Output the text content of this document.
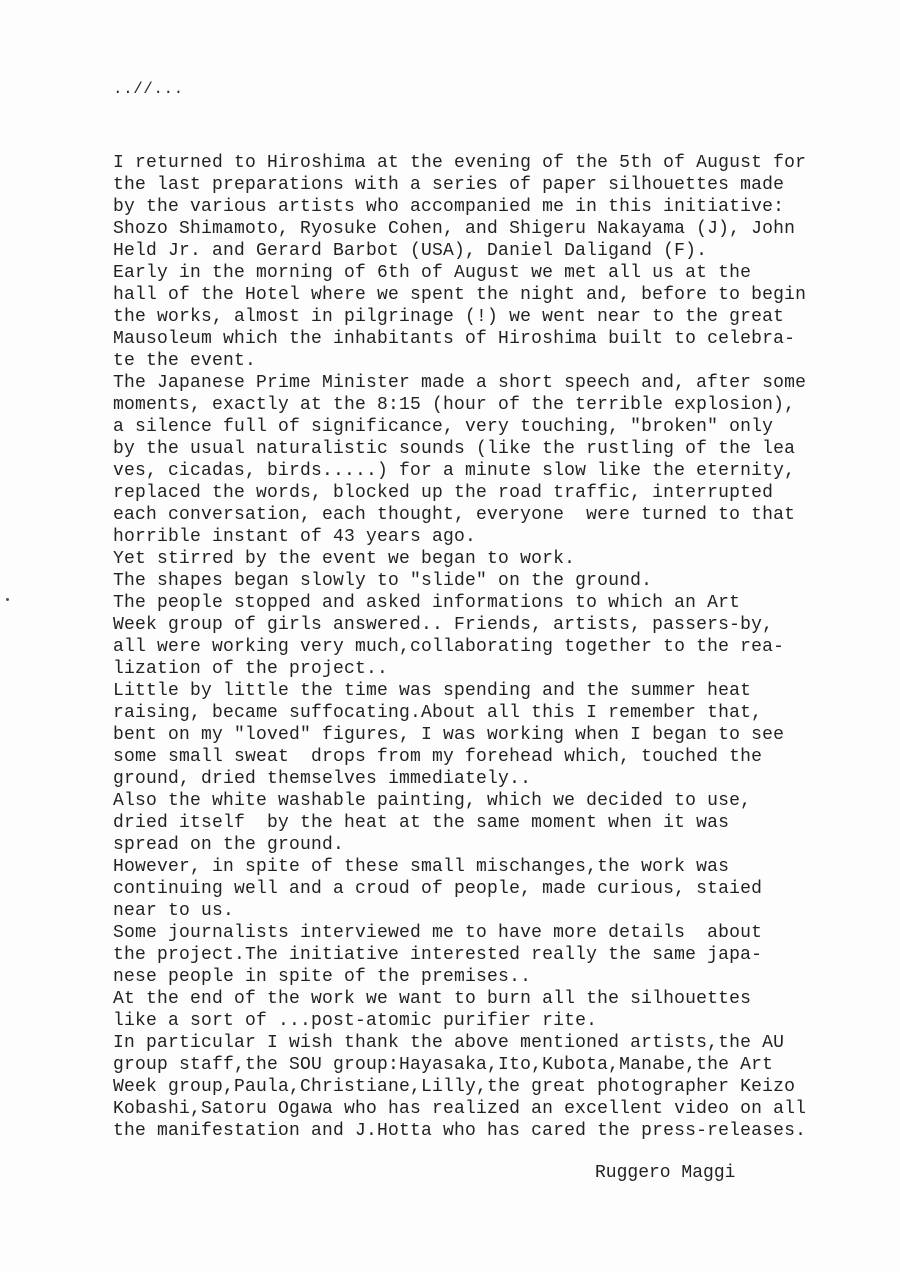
..//...
I returned to Hiroshima at the evening of the 5th of August for
the last preparations with a series of paper silhouettes made
by the various artists who accompanied me in this initiative:
Shozo Shimamoto, Ryosuke Cohen, and Shigeru Nakayama (J), John
Held Jr. and Gerard Barbot (USA), Daniel Daligand (F).
Early in the morning of 6th of August we met all us at the
hall of the Hotel where we spent the night and, before to begin
the works, almost in pilgrinage (!) we went near to the great
Mausoleum which the inhabitants of Hiroshima built to celebra-
te the event.
The Japanese Prime Minister made a short speech and, after some
moments, exactly at the 8:15 (hour of the terrible explosion),
a silence full of significance, very touching, "broken" only
by the usual naturalistic sounds (like the rustling of the lea
ves, cicadas, birds.....) for a minute slow like the eternity,
replaced the words, blocked up the road traffic, interrupted
each conversation, each thought, everyone  were turned to that
horrible instant of 43 years ago.
Yet stirred by the event we began to work.
The shapes began slowly to "slide" on the ground.
The people stopped and asked informations to which an Art
Week group of girls answered.. Friends, artists, passers-by,
all were working very much,collaborating together to the rea-
lization of the project..
Little by little the time was spending and the summer heat
raising, became suffocating.About all this I remember that,
bent on my "loved" figures, I was working when I began to see
some small sweat  drops from my forehead which, touched the
ground, dried themselves immediately..
Also the white washable painting, which we decided to use,
dried itself  by the heat at the same moment when it was
spread on the ground.
However, in spite of these small mischanges,the work was
continuing well and a croud of people, made curious, staied
near to us.
Some journalists interviewed me to have more details  about
the project.The initiative interested really the same japa-
nese people in spite of the premises..
At the end of the work we want to burn all the silhouettes
like a sort of ...post-atomic purifier rite.
In particular I wish thank the above mentioned artists,the AU
group staff,the SOU group:Hayasaka,Ito,Kubota,Manabe,the Art
Week group,Paula,Christiane,Lilly,the great photographer Keizo
Kobashi,Satoru Ogawa who has realized an excellent video on all
the manifestation and J.Hotta who has cared the press-releases.
Ruggero Maggi
